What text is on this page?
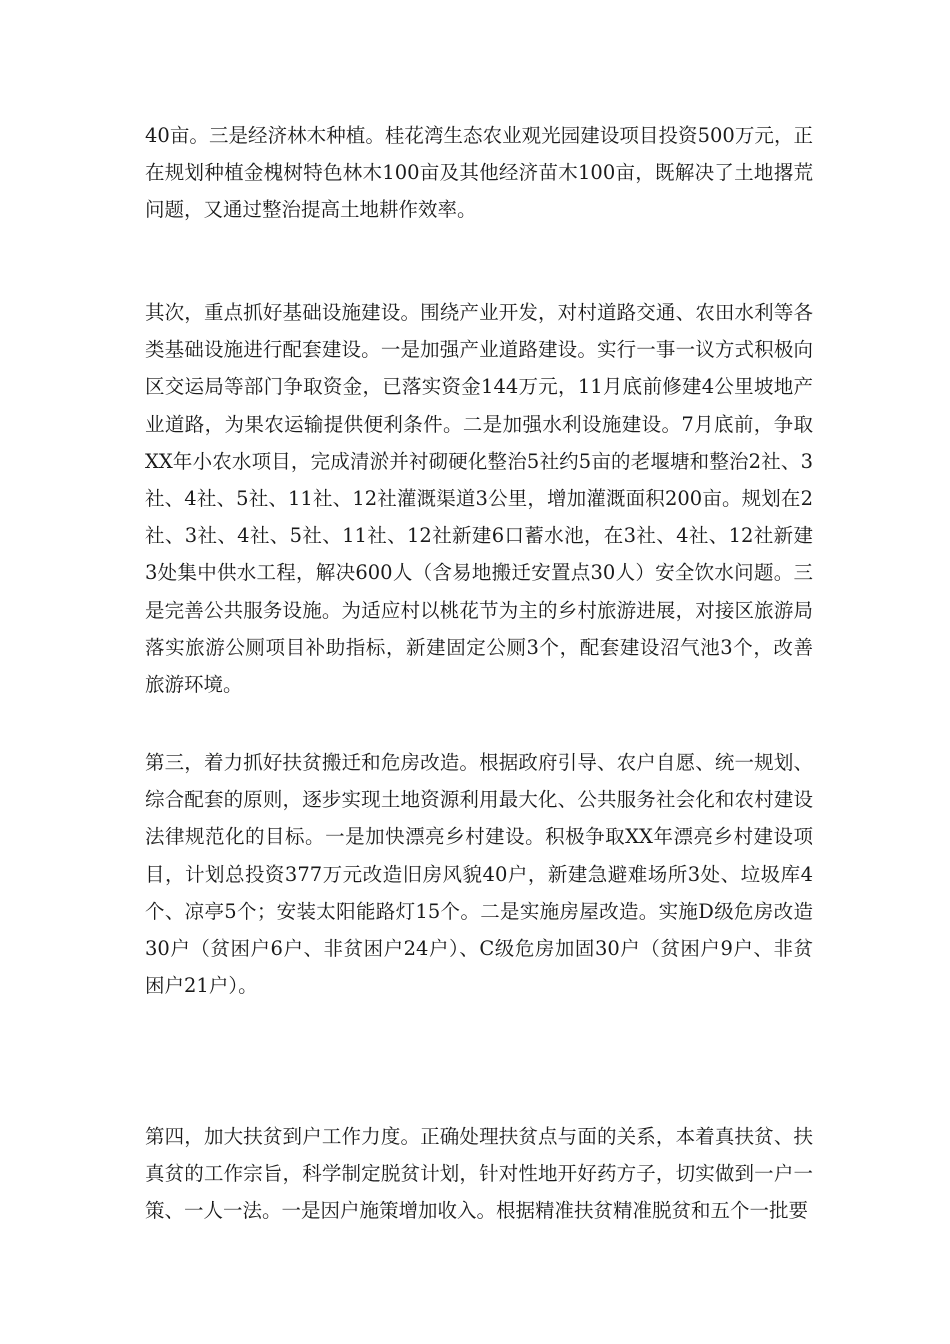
40亩。三是经济林木种植。桂花湾生态农业观光园建设项目投资500万元，正在规划种植金槐树特色林木100亩及其他经济苗木100亩，既解决了土地撂荒问题，又通过整治提高土地耕作效率。

其次，重点抓好基础设施建设。围绕产业开发，对村道路交通、农田水利等各类基础设施进行配套建设。一是加强产业道路建设。实行一事一议方式积极向区交运局等部门争取资金，已落实资金144万元，11月底前修建4公里坡地产业道路，为果农运输提供便利条件。二是加强水利设施建设。7月底前，争取XX年小农水项目，完成清淤并衬砌硬化整治5社约5亩的老堰塘和整治2社、3社、4社、5社、11社、12社灌溉渠道3公里，增加灌溉面积200亩。规划在2社、3社、4社、5社、11社、12社新建6口蓄水池，在3社、4社、12社新建3处集中供水工程，解决600人（含易地搬迁安置点30人）安全饮水问题。三是完善公共服务设施。为适应村以桃花节为主的乡村旅游进展，对接区旅游局落实旅游公厕项目补助指标，新建固定公厕3个，配套建设沼气池3个，改善旅游环境。

第三，着力抓好扶贫搬迁和危房改造。根据政府引导、农户自愿、统一规划、综合配套的原则，逐步实现土地资源利用最大化、公共服务社会化和农村建设法律规范化的目标。一是加快漂亮乡村建设。积极争取XX年漂亮乡村建设项目，计划总投资377万元改造旧房风貌40户，新建急避难场所3处、垃圾库4个、凉亭5个；安装太阳能路灯15个。二是实施房屋改造。实施D级危房改造30户（贫困户6户、非贫困户24户）、C级危房加固30户（贫困户9户、非贫困户21户）。

第四，加大扶贫到户工作力度。正确处理扶贫点与面的关系，本着真扶贫、扶真贫的工作宗旨，科学制定脱贫计划，针对性地开好药方子，切实做到一户一策、一人一法。一是因户施策增加收入。根据精准扶贫精准脱贫和五个一批要
